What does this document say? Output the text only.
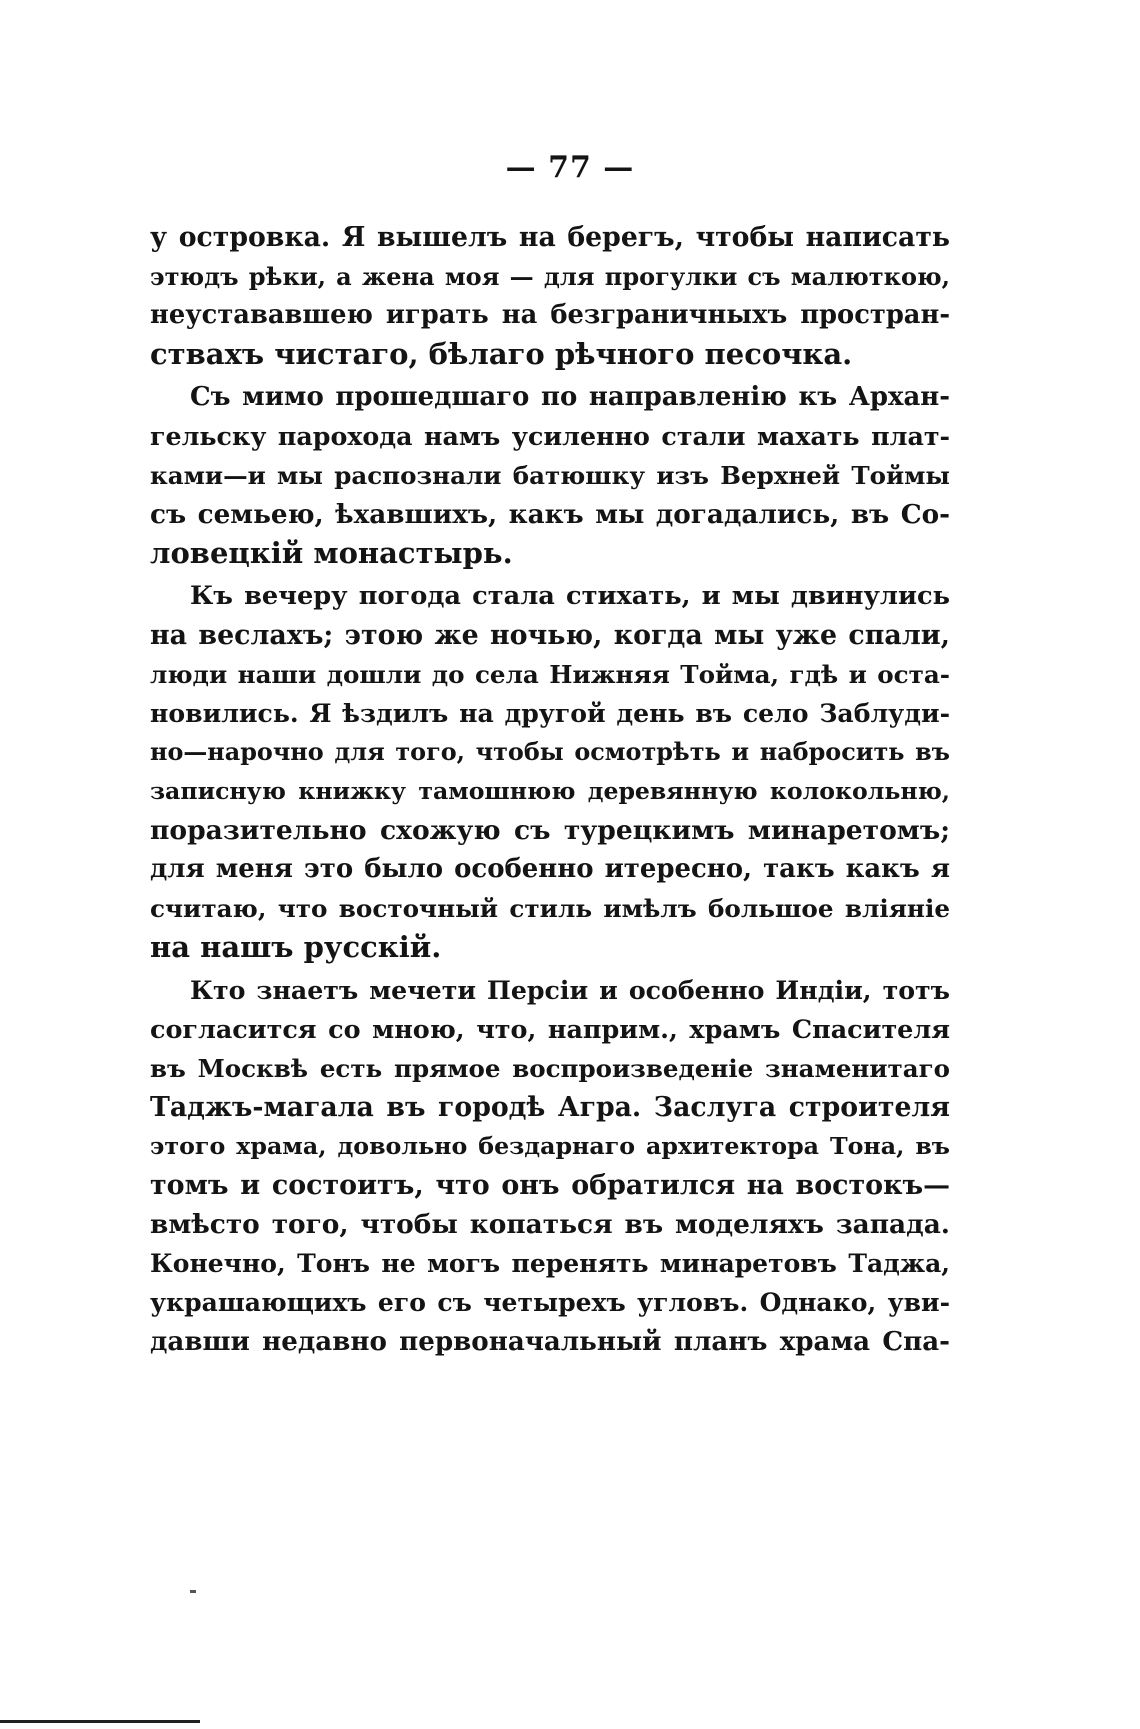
— 77 —
у островка. Я вышелъ на берегъ, чтобы написать
этюдъ рѣки, а жена моя — для прогулки съ малюткою,
неустававшею играть на безграничныхъ простран-
ствахъ чистаго, бѣлаго рѣчного песочка.
Съ мимо прошедшаго по направленію къ Архан-
гельску парохода намъ усиленно стали махать плат-
ками—и мы распознали батюшку изъ Верхней Тоймы
съ семьею, ѣхавшихъ, какъ мы догадались, въ Со-
ловецкій монастырь.
Къ вечеру погода стала стихать, и мы двинулись
на веслахъ; этою же ночью, когда мы уже спали,
люди наши дошли до села Нижняя Тойма, гдѣ и оста-
новились. Я ѣздилъ на другой день въ село Заблуди-
но—нарочно для того, чтобы осмотрѣть и набросить въ
записную книжку тамошнюю деревянную колокольню,
поразительно схожую съ турецкимъ минаретомъ;
для меня это было особенно итересно, такъ какъ я
считаю, что восточный стиль имѣлъ большое вліяніе
на нашъ русскій.
Кто знаетъ мечети Персіи и особенно Индіи, тотъ
согласится со мною, что, наприм., храмъ Спасителя
въ Москвѣ есть прямое воспроизведеніе знаменитаго
Таджъ-магала въ городѣ Агра. Заслуга строителя
этого храма, довольно бездарнаго архитектора Тона, въ
томъ и состоитъ, что онъ обратился на востокъ—
вмѣсто того, чтобы копаться въ моделяхъ запада.
Конечно, Тонъ не могъ перенять минаретовъ Таджа,
украшающихъ его съ четырехъ угловъ. Однако, уви-
давши недавно первоначальный планъ храма Спа-
